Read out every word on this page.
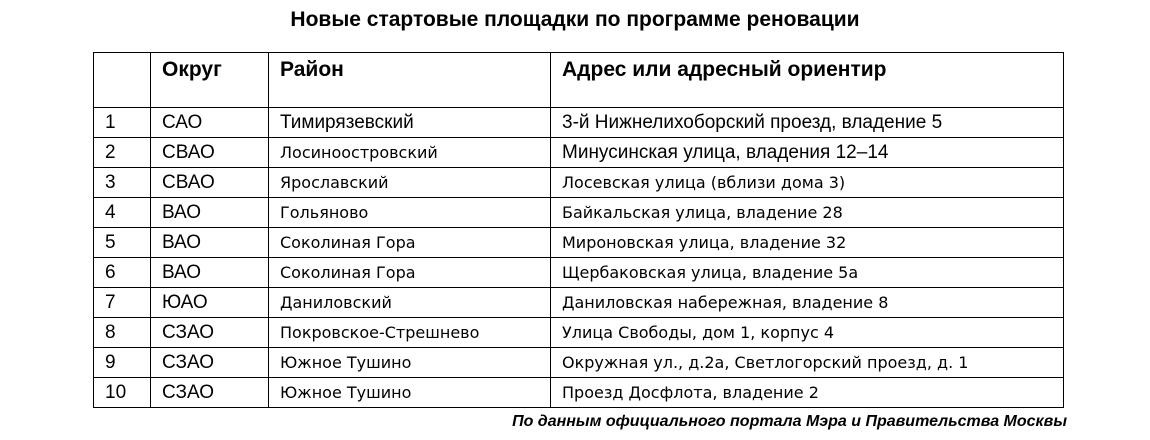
Новые стартовые площадки по программе реновации
	Округ	Район	Адрес или адресный ориентир
1	САО	Тимирязевский	3-й Нижнелихоборский проезд, владение 5
2	СВАО	Лосиноостровский	Минусинская улица, владения 12–14
3	СВАО	Ярославский	Лосевская улица (вблизи дома 3)
4	ВАО	Гольяново	Байкальская улица, владение 28
5	ВАО	Соколиная Гора	Мироновская улица, владение 32
6	ВАО	Соколиная Гора	Щербаковская улица, владение 5а
7	ЮАО	Даниловский	Даниловская набережная, владение 8
8	СЗАО	Покровское-Стрешнево	Улица Свободы, дом 1, корпус 4
9	СЗАО	Южное Тушино	Окружная ул., д.2а, Светлогорский проезд, д. 1
10	СЗАО	Южное Тушино	Проезд Досфлота, владение 2
По данным официального портала Мэра и Правительства Москвы
